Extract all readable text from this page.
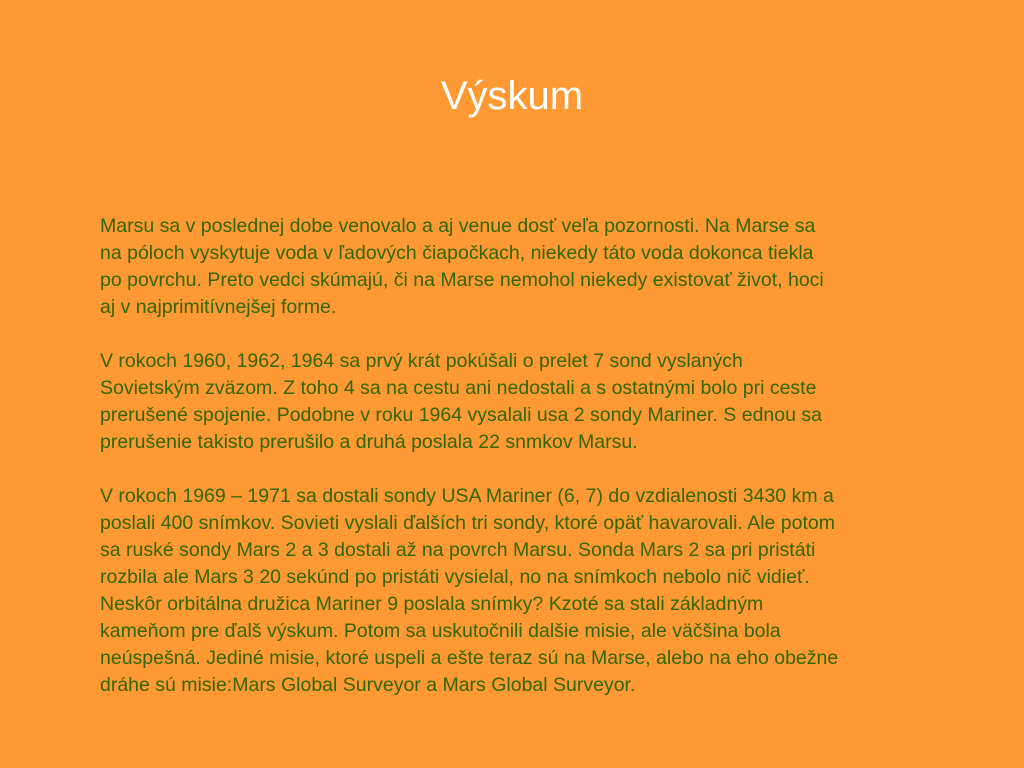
Výskum

Marsu sa v poslednej dobe venovalo a aj venue dosť veľa pozornosti. Na Marse sa
na póloch vyskytuje voda v ľadových čiapočkach, niekedy táto voda dokonca tiekla
po povrchu. Preto vedci skúmajú, či na Marse nemohol niekedy existovať život, hoci
aj v najprimitívnejšej forme.

V rokoch 1960, 1962, 1964 sa prvý krát pokúšali o prelet 7 sond vyslaných
Sovietským zväzom. Z toho 4 sa na cestu ani nedostali a s ostatnými bolo pri ceste
prerušené spojenie. Podobne v roku 1964 vysalali usa 2 sondy Mariner. S ednou sa
prerušenie takisto prerušilo a druhá poslala 22 snmkov Marsu.

V rokoch 1969 – 1971 sa dostali sondy USA Mariner (6, 7) do vzdialenosti 3430 km a
poslali 400 snímkov. Sovieti vyslali ďalších tri sondy, ktoré opäť havarovali. Ale potom
sa ruské sondy Mars 2 a 3 dostali až na povrch Marsu. Sonda Mars 2 sa pri pristáti
rozbila ale Mars 3 20 sekúnd po pristáti vysielal, no na snímkoch nebolo nič vidieť.
Neskôr orbitálna družica Mariner 9 poslala snímky? Kzoté sa stali základným
kameňom pre ďalš výskum. Potom sa uskutočnili dalšie misie, ale väčšina bola
neúspešná. Jediné misie, ktoré uspeli a ešte teraz sú na Marse, alebo na eho obežne
dráhe sú misie:Mars Global Surveyor a Mars Global Surveyor.
